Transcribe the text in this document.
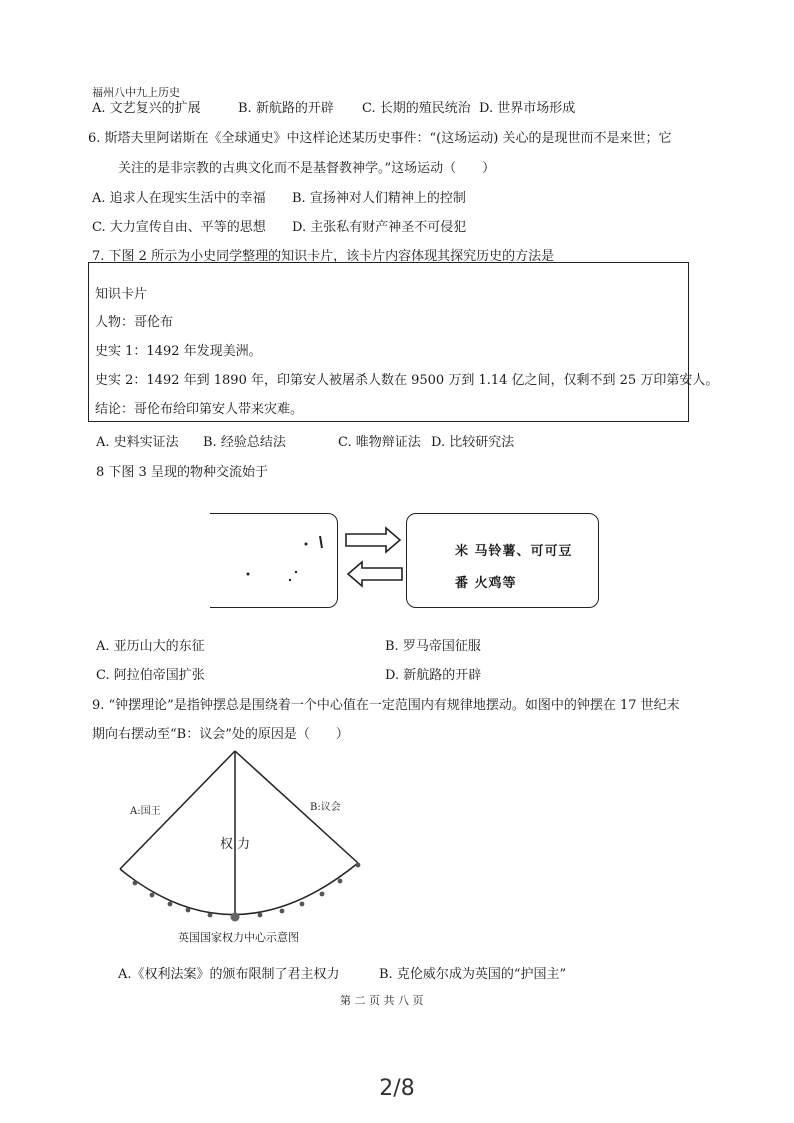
福州八中九上历史
A. 文艺复兴的扩展	B. 新航路的开辟 C. 长期的殖民统治 D. 世界市场形成
6. 斯塔夫里阿诺斯在《全球通史》中这样论述某历史事件：“(这场运动) 关心的是现世而不是来世；它
关注的是非宗教的古典文化而不是基督教神学。”这场运动（　　）
A. 追求人在现实生活中的幸福 B. 宣扬神对人们精神上的控制
C. 大力宣传自由、平等的思想 D. 主张私有财产神圣不可侵犯
7. 下图 2 所示为小史同学整理的知识卡片，该卡片内容体现其探究历史的方法是
知识卡片
人物：哥伦布
史实 1：1492 年发现美洲。
史实 2：1492 年到 1890 年，印第安人被屠杀人数在 9500 万到 1.14 亿之间，仅剩不到 25 万印第安人。
结论：哥伦布给印第安人带来灾难。
A. 史料实证法 B. 经验总结法	C. 唯物辩证法 D. 比较研究法
8 下图 3 呈现的物种交流始于
米 马铃薯、可可豆
番 火鸡等
A. 亚历山大的东征	B. 罗马帝国征服
C. 阿拉伯帝国扩张	D. 新航路的开辟
9. “钟摆理论”是指钟摆总是围绕着一个中心值在一定范围内有规律地摆动。如图中的钟摆在 17 世纪末
期向右摆动至“B：议会”处的原因是（　　）
A:国王	B:议会
权 力
英国国家权力中心示意图
A.《权利法案》的颁布限制了君主权力	B. 克伦威尔成为英国的“护国主”
第 二 页 共 八 页
2/8
